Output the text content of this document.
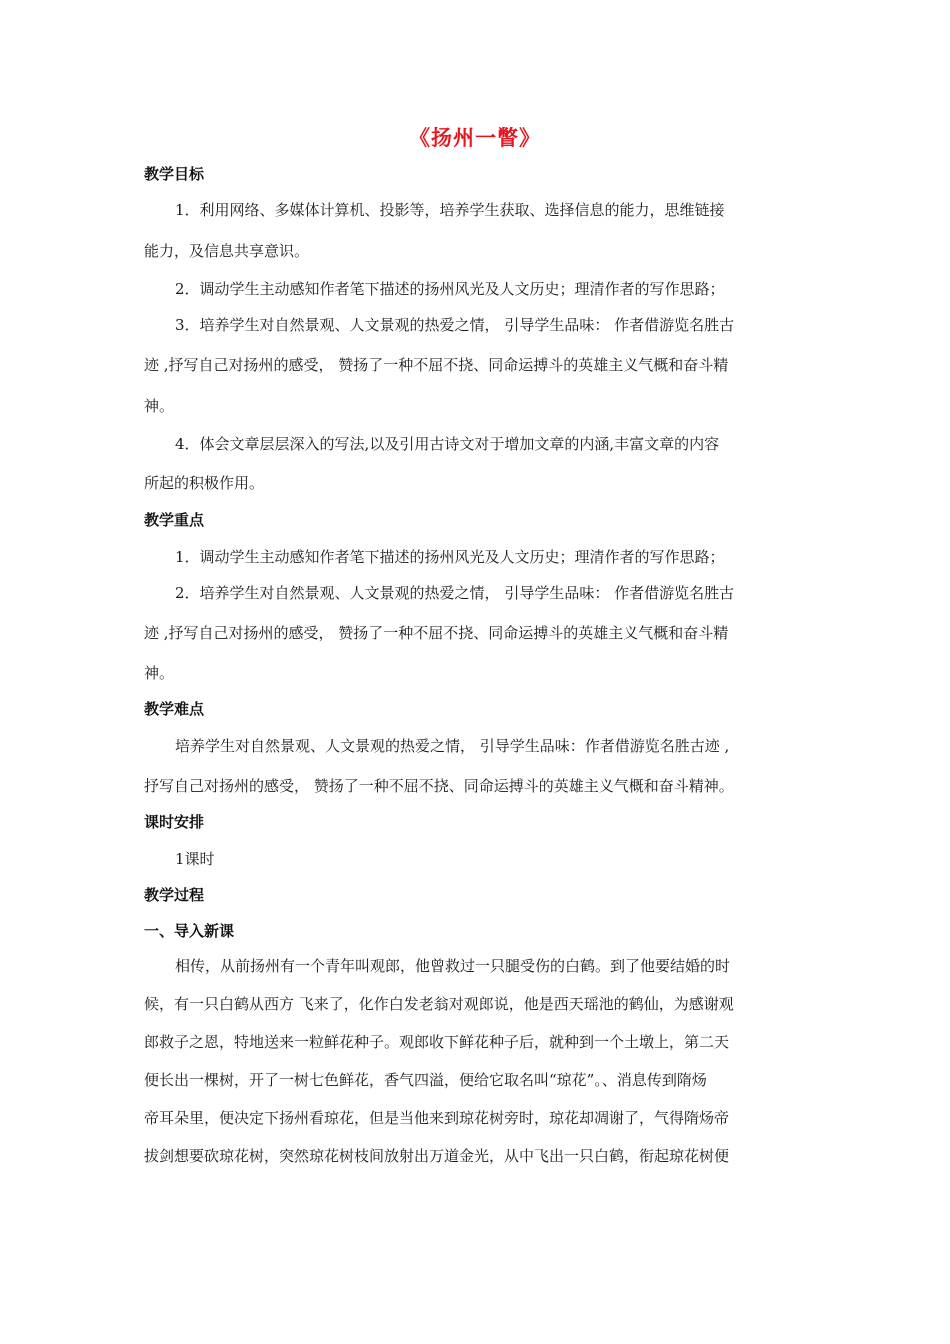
《扬州一瞥》
教学目标
1．利用网络、多媒体计算机、投影等，培养学生获取、选择信息的能力，思维链接
能力，及信息共享意识。
2．调动学生主动感知作者笔下描述的扬州风光及人文历史；理清作者的写作思路；
3．培养学生对自然景观、人文景观的热爱之情， 引导学生品味： 作者借游览名胜古
迹 ,抒写自己对扬州的感受， 赞扬了一种不屈不挠、同命运搏斗的英雄主义气概和奋斗精
神。
4．体会文章层层深入的写法,以及引用古诗文对于增加文章的内涵,丰富文章的内容
所起的积极作用。
教学重点
1．调动学生主动感知作者笔下描述的扬州风光及人文历史；理清作者的写作思路；
2．培养学生对自然景观、人文景观的热爱之情， 引导学生品味： 作者借游览名胜古
迹 ,抒写自己对扬州的感受， 赞扬了一种不屈不挠、同命运搏斗的英雄主义气概和奋斗精
神。
教学难点
培养学生对自然景观、人文景观的热爱之情， 引导学生品味：作者借游览名胜古迹 ,
抒写自己对扬州的感受， 赞扬了一种不屈不挠、同命运搏斗的英雄主义气概和奋斗精神。
课时安排
1课时
教学过程
一、导入新课
相传，从前扬州有一个青年叫观郎，他曾救过一只腿受伤的白鹤。到了他要结婚的时
候，有一只白鹤从西方 飞来了，化作白发老翁对观郎说，他是西天瑶池的鹤仙，为感谢观
郎救子之恩，特地送来一粒鲜花种子。观郎收下鲜花种子后，就种到一个土墩上，第二天
便长出一棵树，开了一树七色鲜花，香气四溢，便给它取名叫“琼花”。、消息传到隋炀
帝耳朵里，便决定下扬州看琼花，但是当他来到琼花树旁时，琼花却凋谢了，气得隋炀帝
拔剑想要砍琼花树，突然琼花树枝间放射出万道金光，从中飞出一只白鹤，衔起琼花树便
